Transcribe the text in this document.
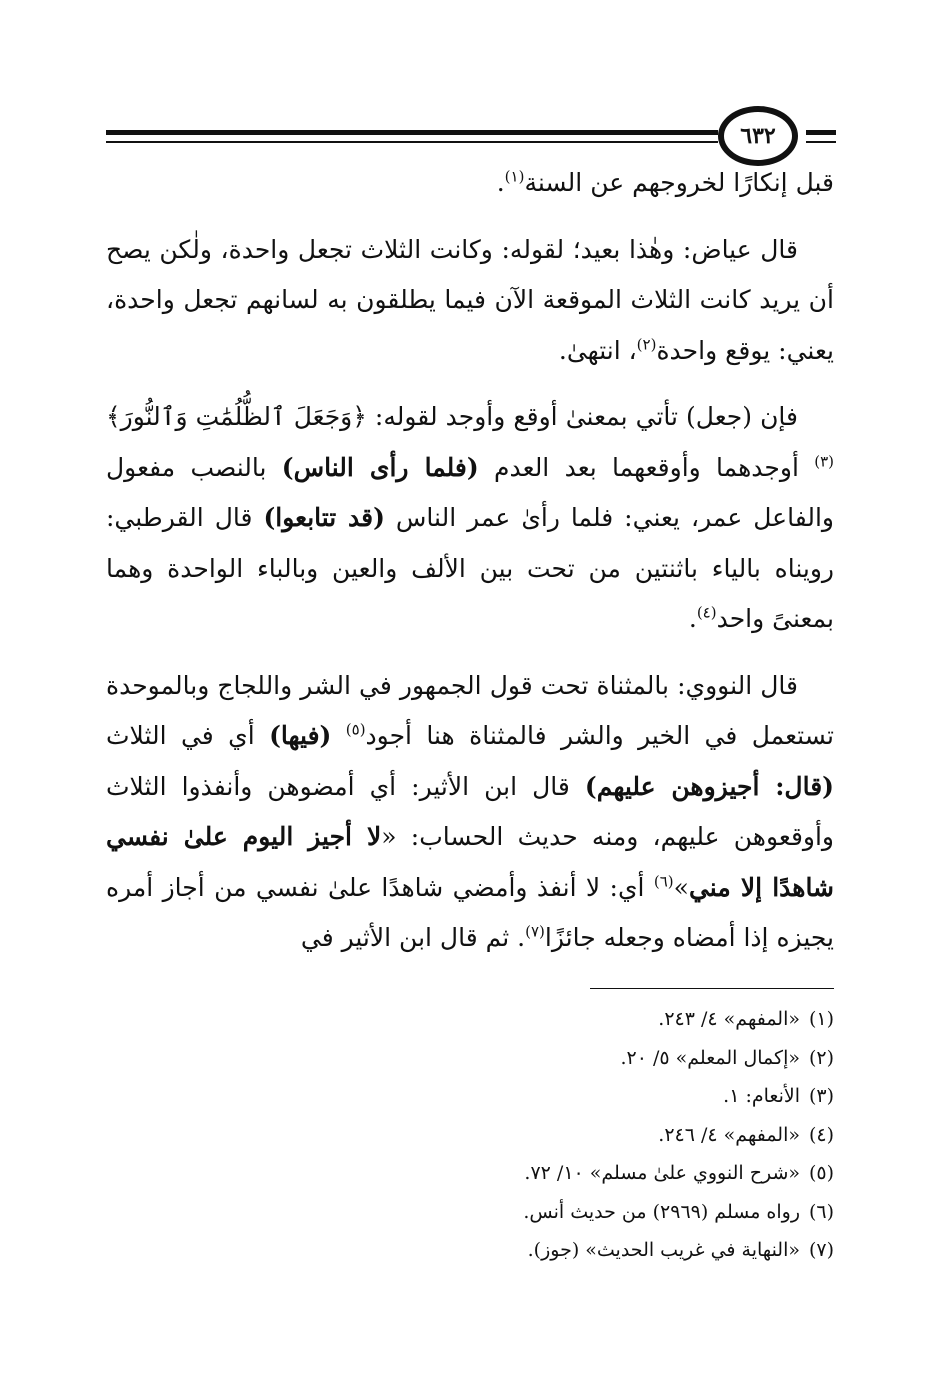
٦٣٢

قبل إنكارًا لخروجهم عن السنة$^{(١)}$.

قال عياض: وهٰذا بعيد؛ لقوله: وكانت الثلاث تجعل واحدة، ولٰكن يصح أن يريد كانت الثلاث الموقعة الآن فيما يطلقون به لسانهم تجعل واحدة، يعني: يوقع واحدة$^{(٢)}$، انتهىٰ.

فإن (جعل) تأتي بمعنىٰ أوقع وأوجد لقوله: ﴿وَجَعَلَ ٱلظُّلُمَٰتِ وَٱلنُّورَ﴾$^{(٣)}$ أوجدهما وأوقعهما بعد العدم (فلما رأى الناس) بالنصب مفعول والفاعل عمر، يعني: فلما رأىٰ عمر الناس (قد تتابعوا) قال القرطبي: رويناه بالياء باثنتين من تحت بين الألف والعين وبالباء الواحدة وهما بمعنىً واحد$^{(٤)}$.

قال النووي: بالمثناة تحت قول الجمهور في الشر واللجاج وبالموحدة تستعمل في الخير والشر فالمثناة هنا أجود$^{(٥)}$ (فيها) أي في الثلاث (قال: أجيزوهن عليهم) قال ابن الأثير: أي أمضوهن وأنفذوا الثلاث وأوقعوهن عليهم، ومنه حديث الحساب: «لا أجيز اليوم علىٰ نفسي شاهدًا إلا مني»$^{(٦)}$ أي: لا أنفذ وأمضي شاهدًا علىٰ نفسي من أجاز أمره يجيزه إذا أمضاه وجعله جائزًا$^{(٧)}$. ثم قال ابن الأثير في

(١)«المفهم» ٤/ ٢٤٣.
(٢)«إكمال المعلم» ٥/ ٢٠.
(٣)الأنعام: ١.
(٤)«المفهم» ٤/ ٢٤٦.
(٥)«شرح النووي علىٰ مسلم» ١٠/ ٧٢.
(٦)رواه مسلم (٢٩٦٩) من حديث أنس.
(٧)«النهاية في غريب الحديث» (جوز).
